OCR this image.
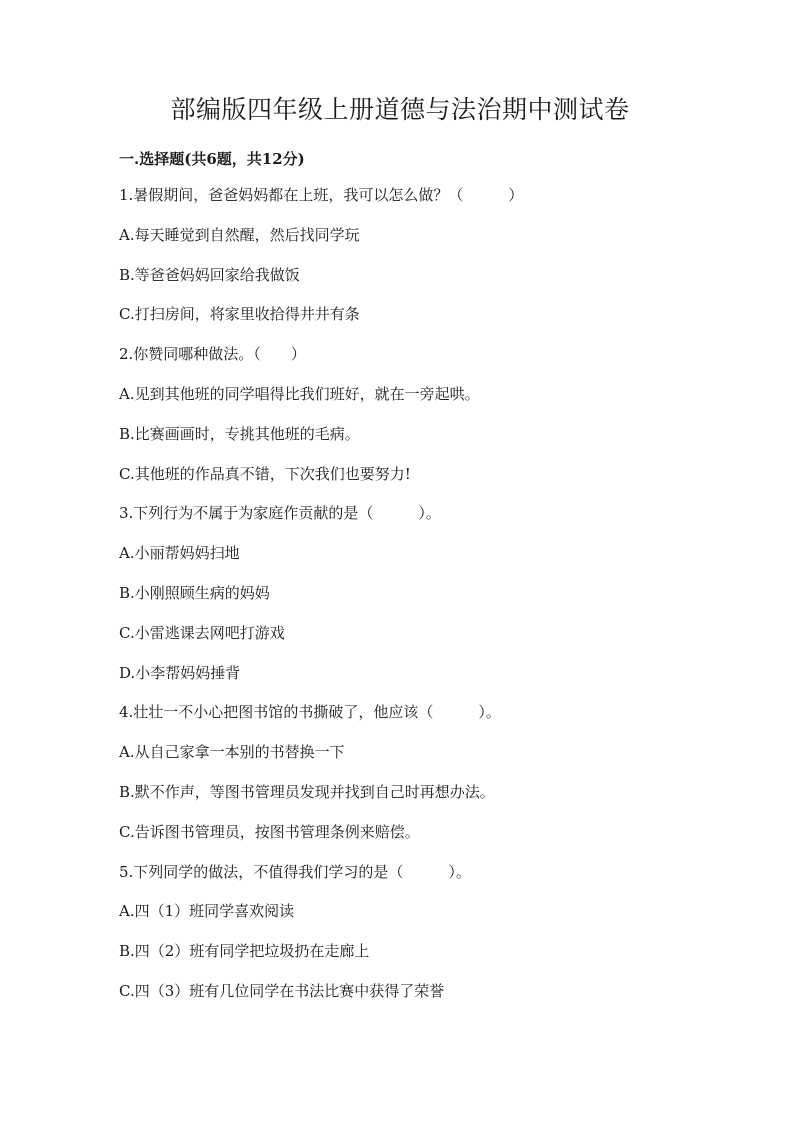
部编版四年级上册道德与法治期中测试卷
一.选择题(共6题，共12分)

1.暑假期间，爸爸妈妈都在上班，我可以怎么做？（　　　）

A.每天睡觉到自然醒，然后找同学玩

B.等爸爸妈妈回家给我做饭

C.打扫房间，将家里收拾得井井有条

2.你赞同哪种做法。（　　）

A.见到其他班的同学唱得比我们班好，就在一旁起哄。

B.比赛画画时，专挑其他班的毛病。

C.其他班的作品真不错，下次我们也要努力!

3.下列行为不属于为家庭作贡献的是（　　　）。

A.小丽帮妈妈扫地

B.小刚照顾生病的妈妈

C.小雷逃课去网吧打游戏

D.小李帮妈妈捶背

4.壮壮一不小心把图书馆的书撕破了，他应该（　　　）。

A.从自己家拿一本别的书替换一下

B.默不作声，等图书管理员发现并找到自己时再想办法。

C.告诉图书管理员，按图书管理条例来赔偿。

5.下列同学的做法，不值得我们学习的是（　　　）。

A.四（1）班同学喜欢阅读

B.四（2）班有同学把垃圾扔在走廊上

C.四（3）班有几位同学在书法比赛中获得了荣誉
